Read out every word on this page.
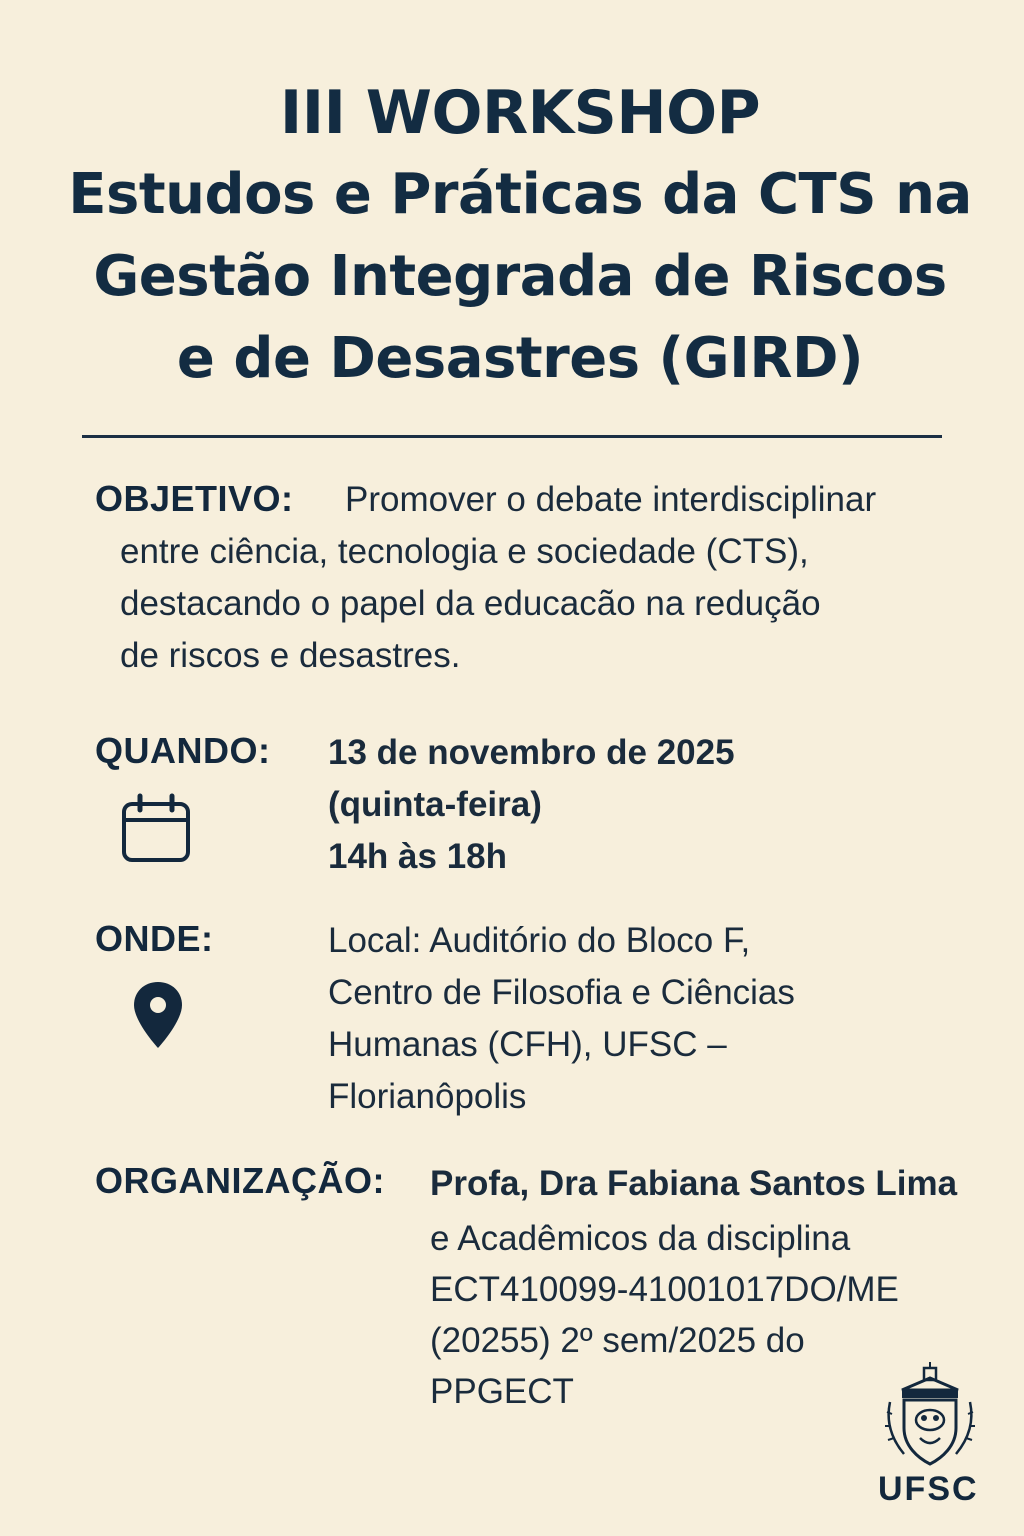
III WORKSHOP
Estudos e Práticas da CTS na
Gestão Integrada de Riscos
e de Desastres (GIRD)
OBJETIVO: Promover o debate interdisciplinar
entre ciência, tecnologia e sociedade (CTS),
destacando o papel da educacão na redução
de riscos e desastres.
QUANDO: 13 de novembro de 2025
(quinta-feira)
14h às 18h
ONDE:	Local: Auditório do Bloco F,
Centro de Filosofia e Ciências
Humanas (CFH), UFSC –
Florianôpolis
ORGANIZAÇÃO: Profa, Dra Fabiana Santos Lima
e Acadêmicos da disciplina
ECT410099-41001017DO/ME
(20255) 2º sem/2025 do
PPGECT
UFSC
